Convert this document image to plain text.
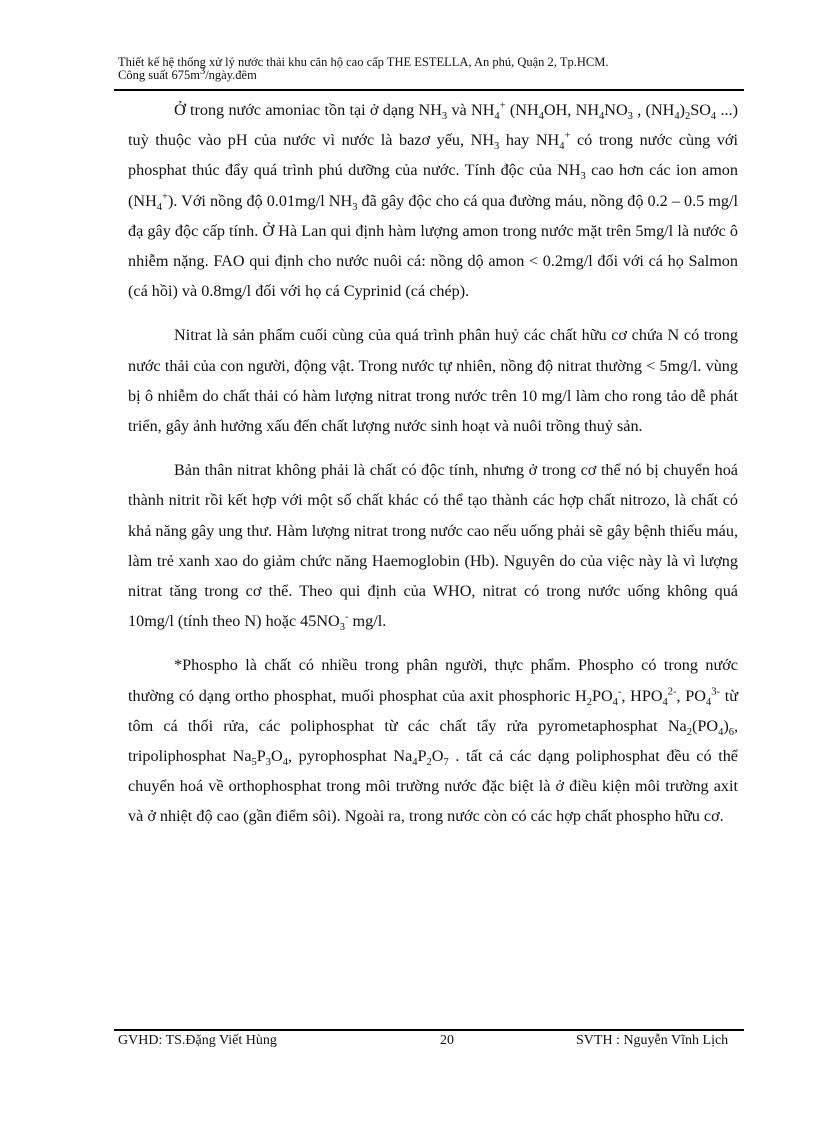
Thiết kế hệ thống xử lý nước thải khu căn hộ cao cấp THE ESTELLA, An phú, Quận 2, Tp.HCM.
Công suất $675m^3/ngày.đêm$

Ở trong nước amoniac tồn tại ở dạng $NH_3$ và $NH_4^+$ ($NH_4OH$, $NH_4NO_3$ , $(NH_4)_2SO_4$ ...) tuỳ thuộc vào pH của nước vì nước là bazơ yếu, $NH_3$ hay $NH_4^+$ có trong nước cùng với phosphat thúc đẩy quá trình phú dưỡng của nước. Tính độc của $NH_3$ cao hơn các ion amon $(NH_4^+)$. Với nồng độ 0.01mg/l $NH_3$ đã gây độc cho cá qua đường máu, nồng độ 0.2 – 0.5 mg/l đạ gây độc cấp tính. Ở Hà Lan qui định hàm lượng amon trong nước mặt trên 5mg/l là nước ô nhiễm nặng. FAO qui định cho nước nuôi cá: nồng dộ amon < 0.2mg/l đối với cá họ Salmon (cá hồi) và 0.8mg/l đối với họ cá Cyprinid (cá chép).

Nitrat là sản phẩm cuối cùng của quá trình phân huỷ các chất hữu cơ chứa N có trong nước thải của con người, động vật. Trong nước tự nhiên, nồng độ nitrat thường < 5mg/l. vùng bị ô nhiễm do chất thải có hàm lượng nitrat trong nước trên 10 mg/l làm cho rong tảo dễ phát triển, gây ảnh hưởng xấu đến chất lượng nước sinh hoạt và nuôi trồng thuỷ sản.

Bản thân nitrat không phải là chất có độc tính, nhưng ở trong cơ thể nó bị chuyển hoá thành nitrit rồi kết hợp với một số chất khác có thể tạo thành các hợp chất nitrozo, là chất có khả năng gây ung thư. Hàm lượng nitrat trong nước cao nếu uống phải sẽ gây bệnh thiếu máu, làm trẻ xanh xao do giảm chức năng Haemoglobin (Hb). Nguyên do của việc này là vì lượng nitrat tăng trong cơ thể. Theo qui định của WHO, nitrat có trong nước uống không quá 10mg/l (tính theo N) hoặc $45NO_3^-$ mg/l.

*Phospho là chất có nhiều trong phân người, thực phẩm. Phospho có trong nước thường có dạng ortho phosphat, muối phosphat của axit phosphoric $H_2PO_4^-$, $HPO_4^{2-}$, $PO_4^{3-}$ từ tôm cá thối rửa, các poliphosphat từ các chất tẩy rửa pyrometaphosphat $Na_2(PO_4)_6$, tripoliphosphat $Na_5P_3O_4$, pyrophosphat $Na_4P_2O_7$ . tất cả các dạng poliphosphat đều có thể chuyển hoá về orthophosphat trong môi trường nước đặc biệt là ở điều kiện môi trường axit và ở nhiệt độ cao (gần điểm sôi). Ngoài ra, trong nước còn có các hợp chất phospho hữu cơ.

GVHD: TS.Đặng Viết Hùng	20	SVTH : Nguyễn Vĩnh Lịch
